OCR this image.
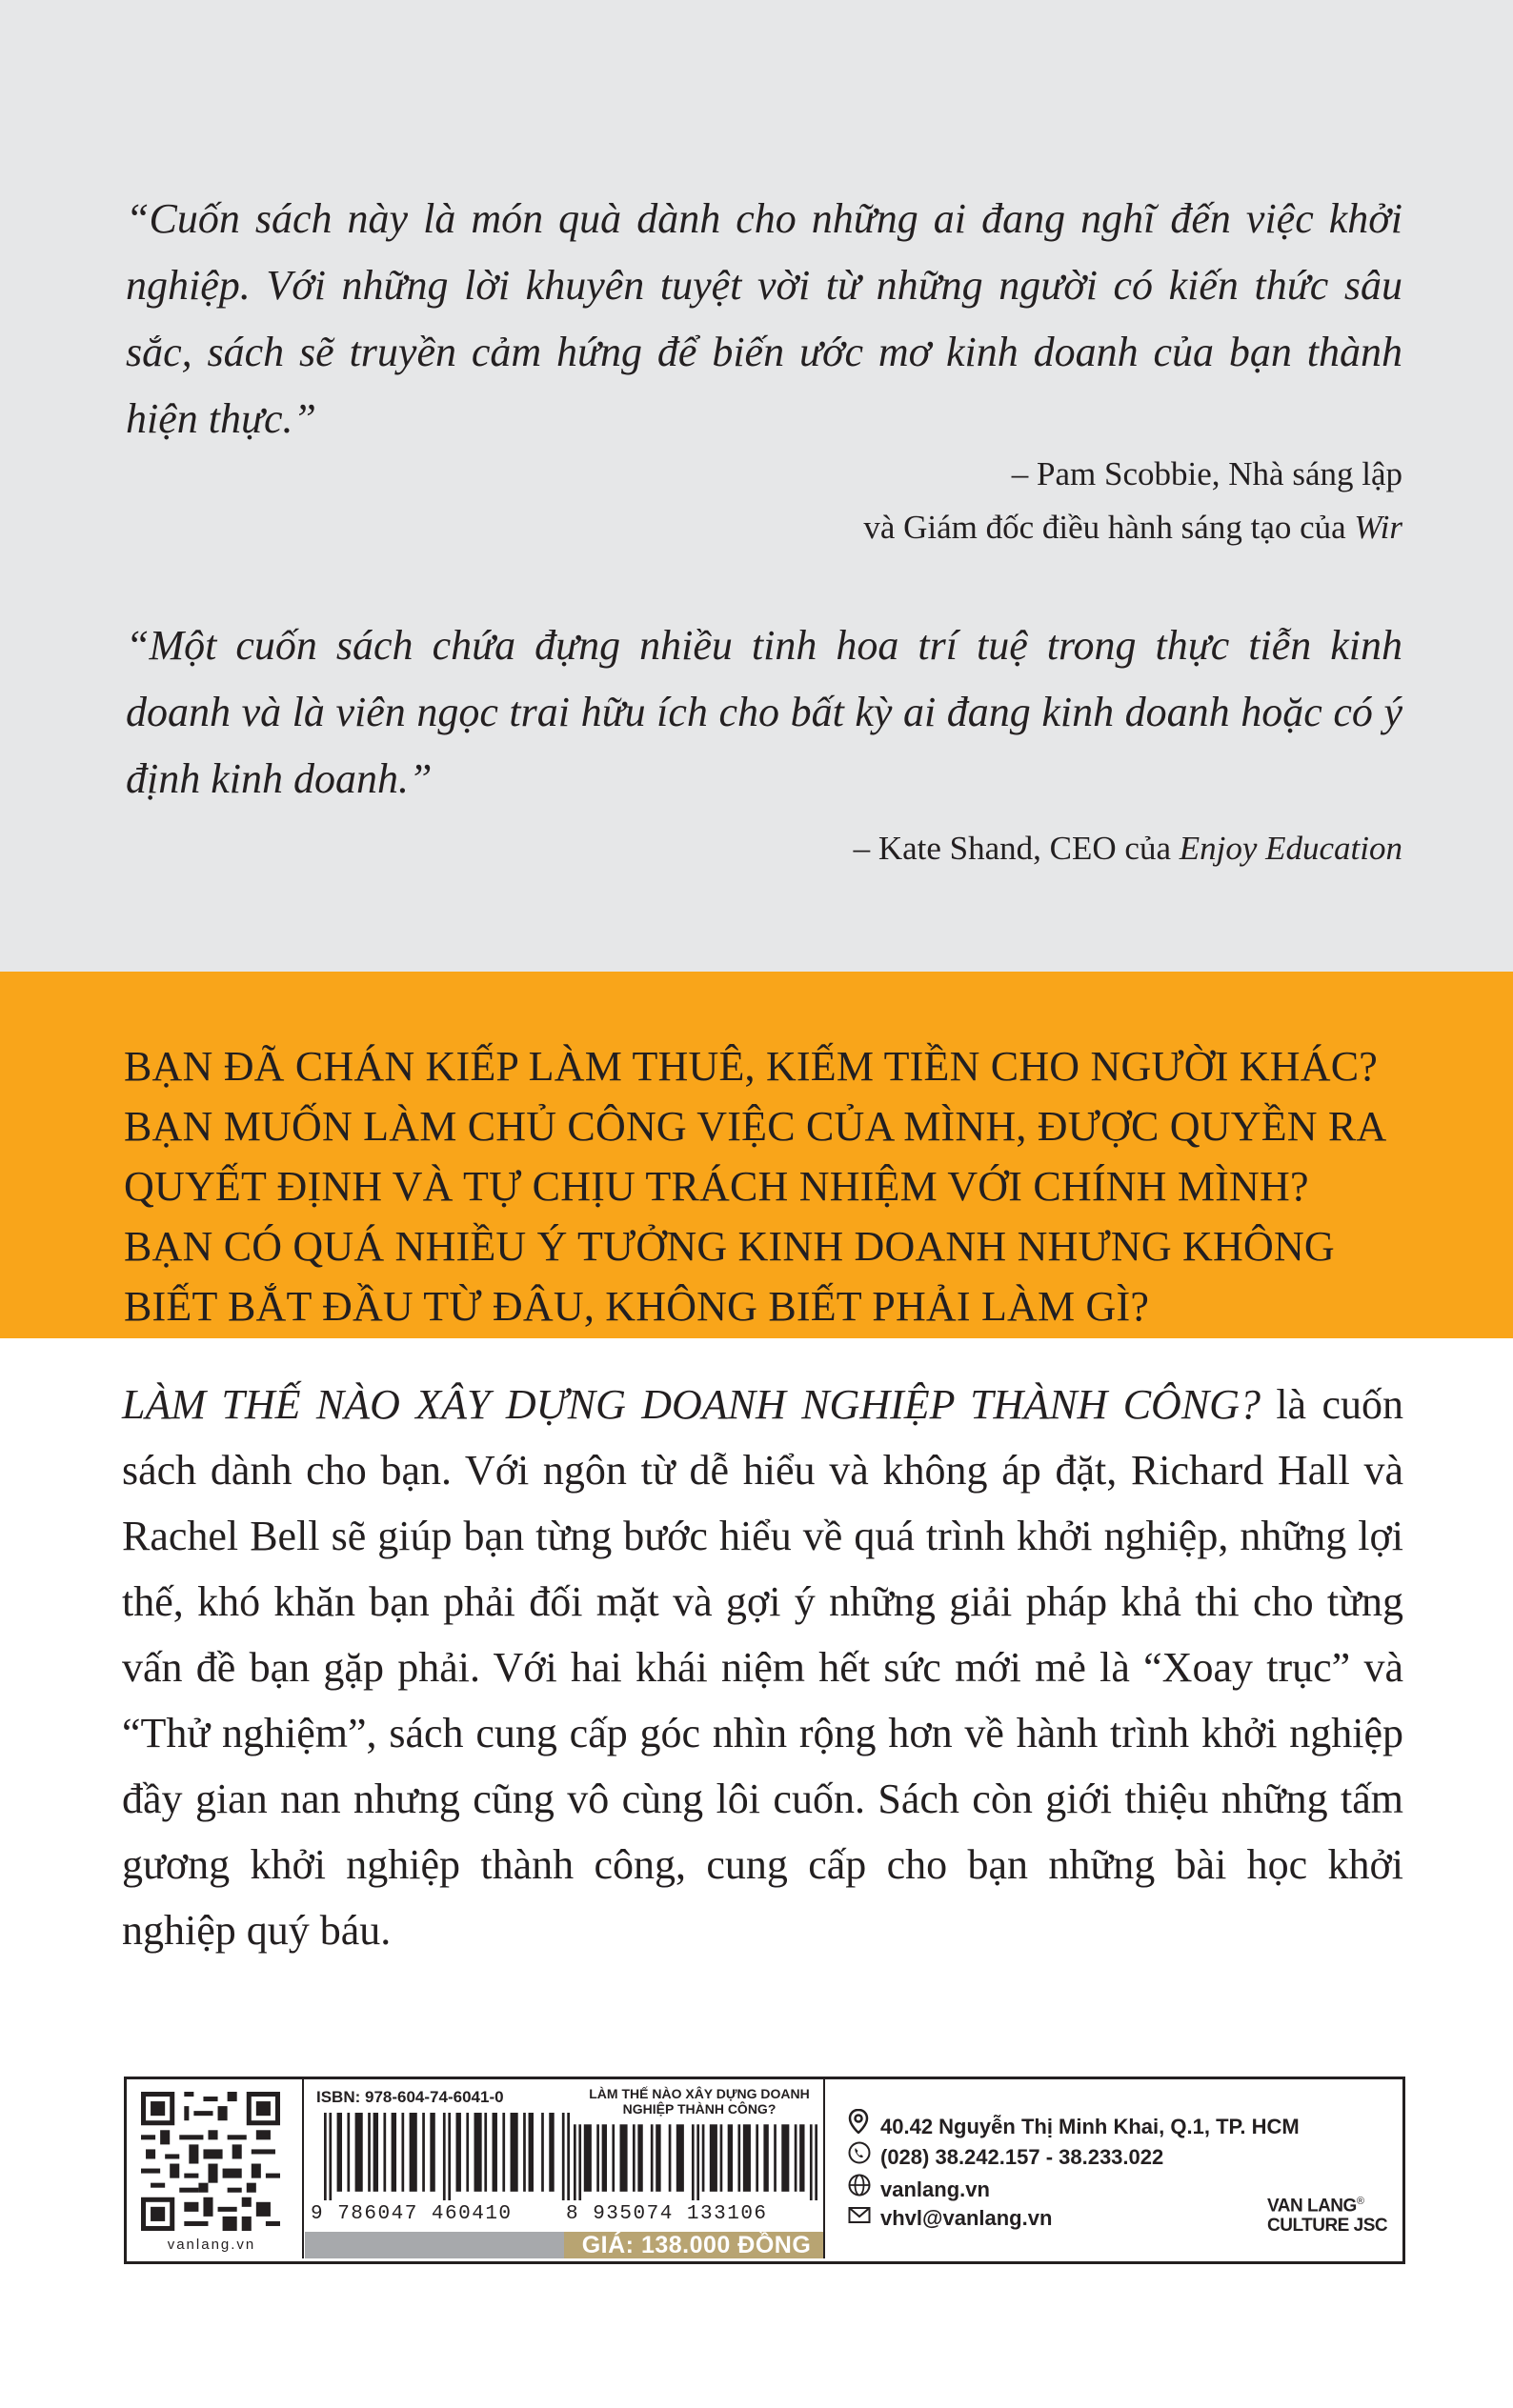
“Cuốn sách này là món quà dành cho những ai đang nghĩ đến việc khởi nghiệp. Với những lời khuyên tuyệt vời từ những người có kiến thức sâu sắc, sách sẽ truyền cảm hứng để biến ước mơ kinh doanh của bạn thành hiện thực.”
– Pam Scobbie, Nhà sáng lập
và Giám đốc điều hành sáng tạo của Wir
“Một cuốn sách chứa đựng nhiều tinh hoa trí tuệ trong thực tiễn kinh doanh và là viên ngọc trai hữu ích cho bất kỳ ai đang kinh doanh hoặc có ý định kinh doanh.”
– Kate Shand, CEO của Enjoy Education
BẠN ĐÃ CHÁN KIẾP LÀM THUÊ, KIẾM TIỀN CHO NGƯỜI KHÁC?
BẠN MUỐN LÀM CHỦ CÔNG VIỆC CỦA MÌNH, ĐƯỢC QUYỀN RA
QUYẾT ĐỊNH VÀ TỰ CHỊU TRÁCH NHIỆM VỚI CHÍNH MÌNH?
BẠN CÓ QUÁ NHIỀU Ý TƯỞNG KINH DOANH NHƯNG KHÔNG
BIẾT BẮT ĐẦU TỪ ĐÂU, KHÔNG BIẾT PHẢI LÀM GÌ?
LÀM THẾ NÀO XÂY DỰNG DOANH NGHIỆP THÀNH CÔNG? là cuốn sách dành cho bạn. Với ngôn từ dễ hiểu và không áp đặt, Richard Hall và Rachel Bell sẽ giúp bạn từng bước hiểu về quá trình khởi nghiệp, những lợi thế, khó khăn bạn phải đối mặt và gợi ý những giải pháp khả thi cho từng vấn đề bạn gặp phải. Với hai khái niệm hết sức mới mẻ là “Xoay trục” và “Thử nghiệm”, sách cung cấp góc nhìn rộng hơn về hành trình khởi nghiệp đầy gian nan nhưng cũng vô cùng lôi cuốn. Sách còn giới thiệu những tấm gương khởi nghiệp thành công, cung cấp cho bạn những bài học khởi nghiệp quý báu.
vanlang.vn
ISBN: 978-604-74-6041-0
9 786047 460410
LÀM THẾ NÀO XÂY DỰNG DOANH NGHIỆP THÀNH CÔNG?
8 935074 133106
GIÁ: 138.000 ĐỒNG
40.42 Nguyễn Thị Minh Khai, Q.1, TP. HCM
(028) 38.242.157 - 38.233.022
vanlang.vn
vhvl@vanlang.vn
VAN LANG®
CULTURE JSC
